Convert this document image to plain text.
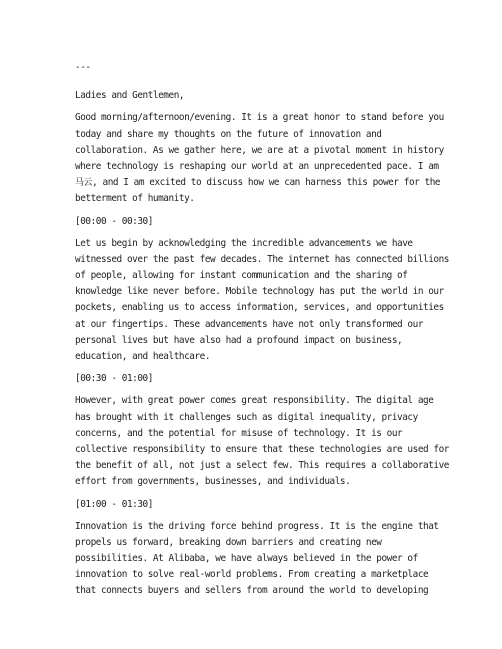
---
Ladies and Gentlemen,
Good morning/afternoon/evening. It is a great honor to stand before you
today and share my thoughts on the future of innovation and
collaboration. As we gather here, we are at a pivotal moment in history
where technology is reshaping our world at an unprecedented pace. I am
马云, and I am excited to discuss how we can harness this power for the
betterment of humanity.
[00:00 - 00:30]
Let us begin by acknowledging the incredible advancements we have
witnessed over the past few decades. The internet has connected billions
of people, allowing for instant communication and the sharing of
knowledge like never before. Mobile technology has put the world in our
pockets, enabling us to access information, services, and opportunities
at our fingertips. These advancements have not only transformed our
personal lives but have also had a profound impact on business,
education, and healthcare.
[00:30 - 01:00]
However, with great power comes great responsibility. The digital age
has brought with it challenges such as digital inequality, privacy
concerns, and the potential for misuse of technology. It is our
collective responsibility to ensure that these technologies are used for
the benefit of all, not just a select few. This requires a collaborative
effort from governments, businesses, and individuals.
[01:00 - 01:30]
Innovation is the driving force behind progress. It is the engine that
propels us forward, breaking down barriers and creating new
possibilities. At Alibaba, we have always believed in the power of
innovation to solve real-world problems. From creating a marketplace
that connects buyers and sellers from around the world to developing
